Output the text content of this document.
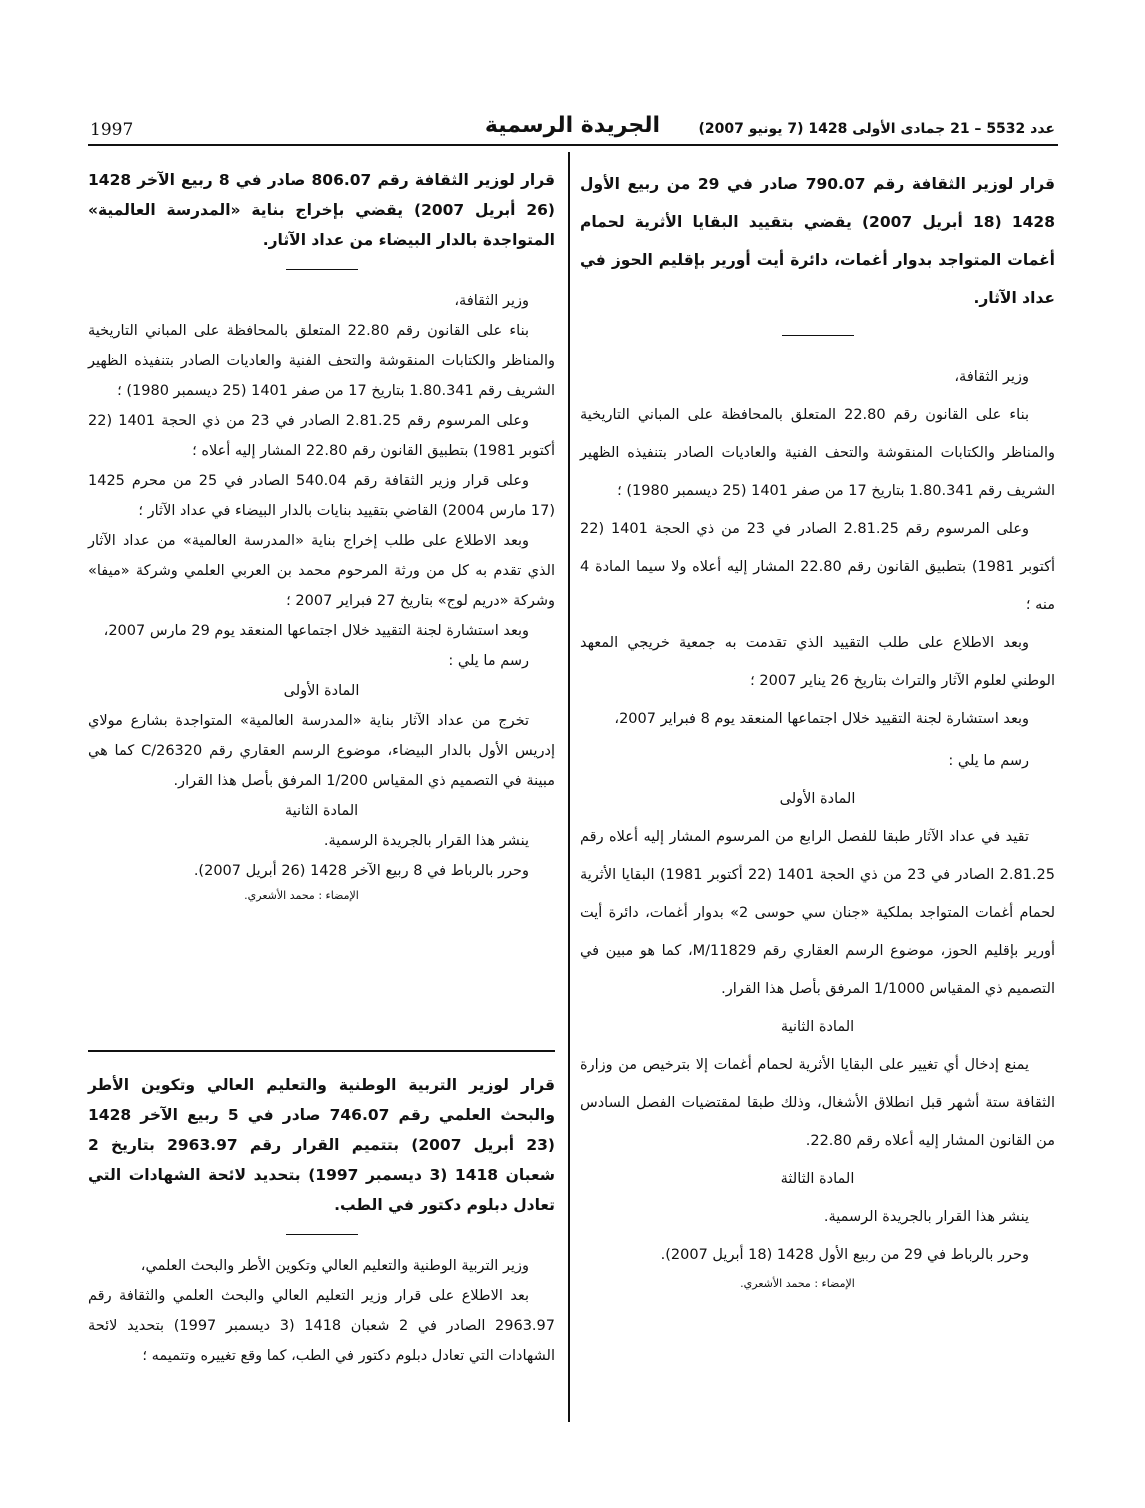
1997	الجريدة الرسمية	عدد 5532 – 21 جمادى الأولى 1428 (7 يونيو 2007)
قرار لوزير الثقافة رقم 790.07 صادر في 29 من ربيع الأول 1428 (18 أبريل 2007) يقضي بتقييد البقايا الأثرية لحمام أغمات المتواجد بدوار أغمات، دائرة أيت أورير بإقليم الحوز في عداد الآثار.

وزير الثقافة،

بناء على القانون رقم 22.80 المتعلق بالمحافظة على المباني التاريخية والمناظر والكتابات المنقوشة والتحف الفنية والعاديات الصادر بتنفيذه الظهير الشريف رقم 1.80.341 بتاريخ 17 من صفر 1401 (25 ديسمبر 1980) ؛

وعلى المرسوم رقم 2.81.25 الصادر في 23 من ذي الحجة 1401 (22 أكتوبر 1981) بتطبيق القانون رقم 22.80 المشار إليه أعلاه ولا سيما المادة 4 منه ؛

وبعد الاطلاع على طلب التقييد الذي تقدمت به جمعية خريجي المعهد الوطني لعلوم الآثار والتراث بتاريخ 26 يناير 2007 ؛

وبعد استشارة لجنة التقييد خلال اجتماعها المنعقد يوم 8 فبراير 2007،

رسم ما يلي :

المادة الأولى

تقيد في عداد الآثار طبقا للفصل الرابع من المرسوم المشار إليه أعلاه رقم 2.81.25 الصادر في 23 من ذي الحجة 1401 (22 أكتوبر 1981) البقايا الأثرية لحمام أغمات المتواجد بملكية «جنان سي حوسى 2» بدوار أغمات، دائرة أيت أورير بإقليم الحوز، موضوع الرسم العقاري رقم 11829/M، كما هو مبين في التصميم ذي المقياس 1/1000 المرفق بأصل هذا القرار.

المادة الثانية

يمنع إدخال أي تغيير على البقايا الأثرية لحمام أغمات إلا بترخيص من وزارة الثقافة ستة أشهر قبل انطلاق الأشغال، وذلك طبقا لمقتضيات الفصل السادس من القانون المشار إليه أعلاه رقم 22.80.

المادة الثالثة

ينشر هذا القرار بالجريدة الرسمية.

وحرر بالرباط في 29 من ربيع الأول 1428 (18 أبريل 2007).

الإمضاء : محمد الأشعري.
قرار لوزير الثقافة رقم 806.07 صادر في 8 ربيع الآخر 1428 (26 أبريل 2007) يقضي بإخراج بناية «المدرسة العالمية» المتواجدة بالدار البيضاء من عداد الآثار.

وزير الثقافة،

بناء على القانون رقم 22.80 المتعلق بالمحافظة على المباني التاريخية والمناظر والكتابات المنقوشة والتحف الفنية والعاديات الصادر بتنفيذه الظهير الشريف رقم 1.80.341 بتاريخ 17 من صفر 1401 (25 ديسمبر 1980) ؛

وعلى المرسوم رقم 2.81.25 الصادر في 23 من ذي الحجة 1401 (22 أكتوبر 1981) بتطبيق القانون رقم 22.80 المشار إليه أعلاه ؛

وعلى قرار وزير الثقافة رقم 540.04 الصادر في 25 من محرم 1425 (17 مارس 2004) القاضي بتقييد بنايات بالدار البيضاء في عداد الآثار ؛

وبعد الاطلاع على طلب إخراج بناية «المدرسة العالمية» من عداد الآثار الذي تقدم به كل من ورثة المرحوم محمد بن العربي العلمي وشركة «ميفا» وشركة «دريم لوج» بتاريخ 27 فبراير 2007 ؛

وبعد استشارة لجنة التقييد خلال اجتماعها المنعقد يوم 29 مارس 2007،

رسم ما يلي :

المادة الأولى

تخرج من عداد الآثار بناية «المدرسة العالمية» المتواجدة بشارع مولاي إدريس الأول بالدار البيضاء، موضوع الرسم العقاري رقم 26320/C كما هي مبينة في التصميم ذي المقياس 1/200 المرفق بأصل هذا القرار.

المادة الثانية

ينشر هذا القرار بالجريدة الرسمية.

وحرر بالرباط في 8 ربيع الآخر 1428 (26 أبريل 2007).

الإمضاء : محمد الأشعري.
قرار لوزير التربية الوطنية والتعليم العالي وتكوين الأطر والبحث العلمي رقم 746.07 صادر في 5 ربيع الآخر 1428 (23 أبريل 2007) بتتميم القرار رقم 2963.97 بتاريخ 2 شعبان 1418 (3 ديسمبر 1997) بتحديد لائحة الشهادات التي تعادل دبلوم دكتور في الطب.

وزير التربية الوطنية والتعليم العالي وتكوين الأطر والبحث العلمي،

بعد الاطلاع على قرار وزير التعليم العالي والبحث العلمي والثقافة رقم 2963.97 الصادر في 2 شعبان 1418 (3 ديسمبر 1997) بتحديد لائحة الشهادات التي تعادل دبلوم دكتور في الطب، كما وقع تغييره وتتميمه ؛
